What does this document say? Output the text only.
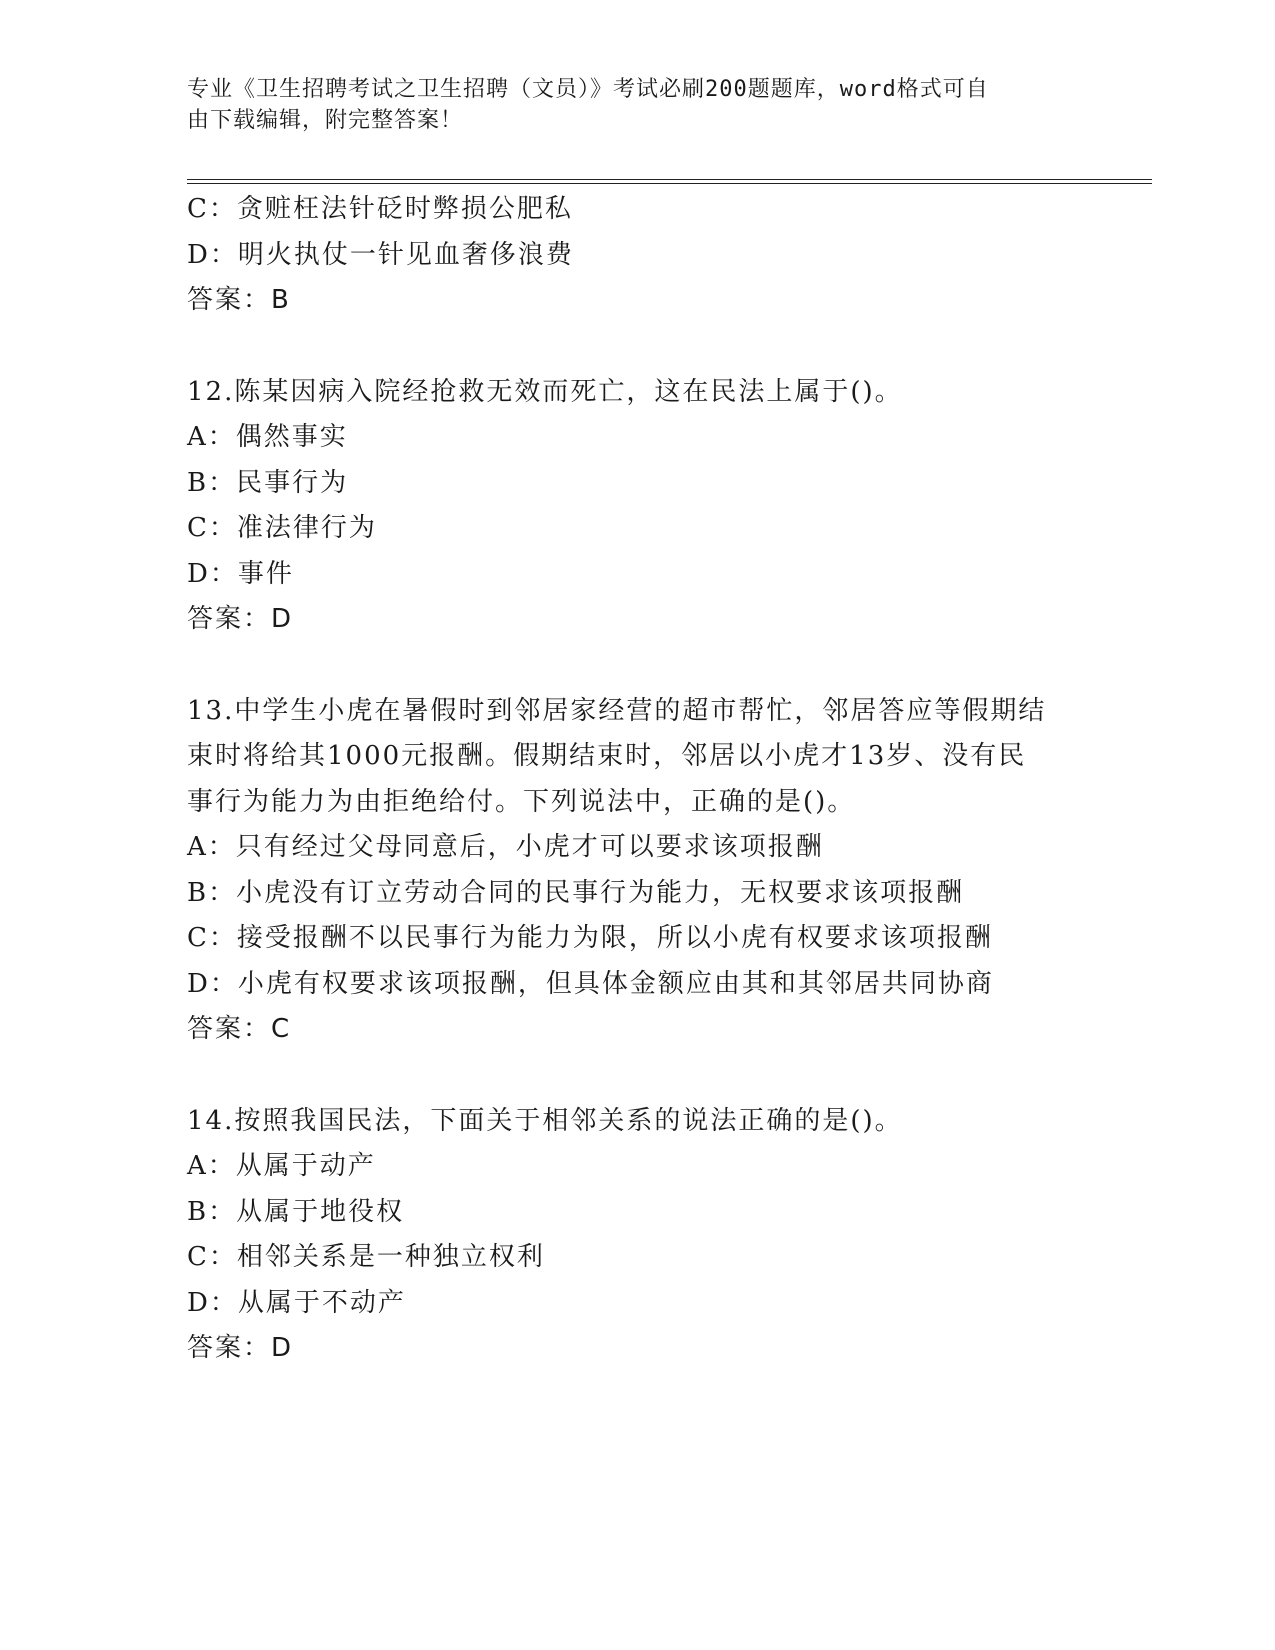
专业《卫生招聘考试之卫生招聘（文员）》考试必刷200题题库，word格式可自
由下载编辑，附完整答案！
C：贪赃枉法针砭时弊损公肥私
D：明火执仗一针见血奢侈浪费
答案：B
12.陈某因病入院经抢救无效而死亡，这在民法上属于()。
A：偶然事实
B：民事行为
C：准法律行为
D：事件
答案：D
13.中学生小虎在暑假时到邻居家经营的超市帮忙，邻居答应等假期结
束时将给其1000元报酬。假期结束时，邻居以小虎才13岁、没有民
事行为能力为由拒绝给付。下列说法中，正确的是()。
A：只有经过父母同意后，小虎才可以要求该项报酬
B：小虎没有订立劳动合同的民事行为能力，无权要求该项报酬
C：接受报酬不以民事行为能力为限，所以小虎有权要求该项报酬
D：小虎有权要求该项报酬，但具体金额应由其和其邻居共同协商
答案：C
14.按照我国民法，下面关于相邻关系的说法正确的是()。
A：从属于动产
B：从属于地役权
C：相邻关系是一种独立权利
D：从属于不动产
答案：D
